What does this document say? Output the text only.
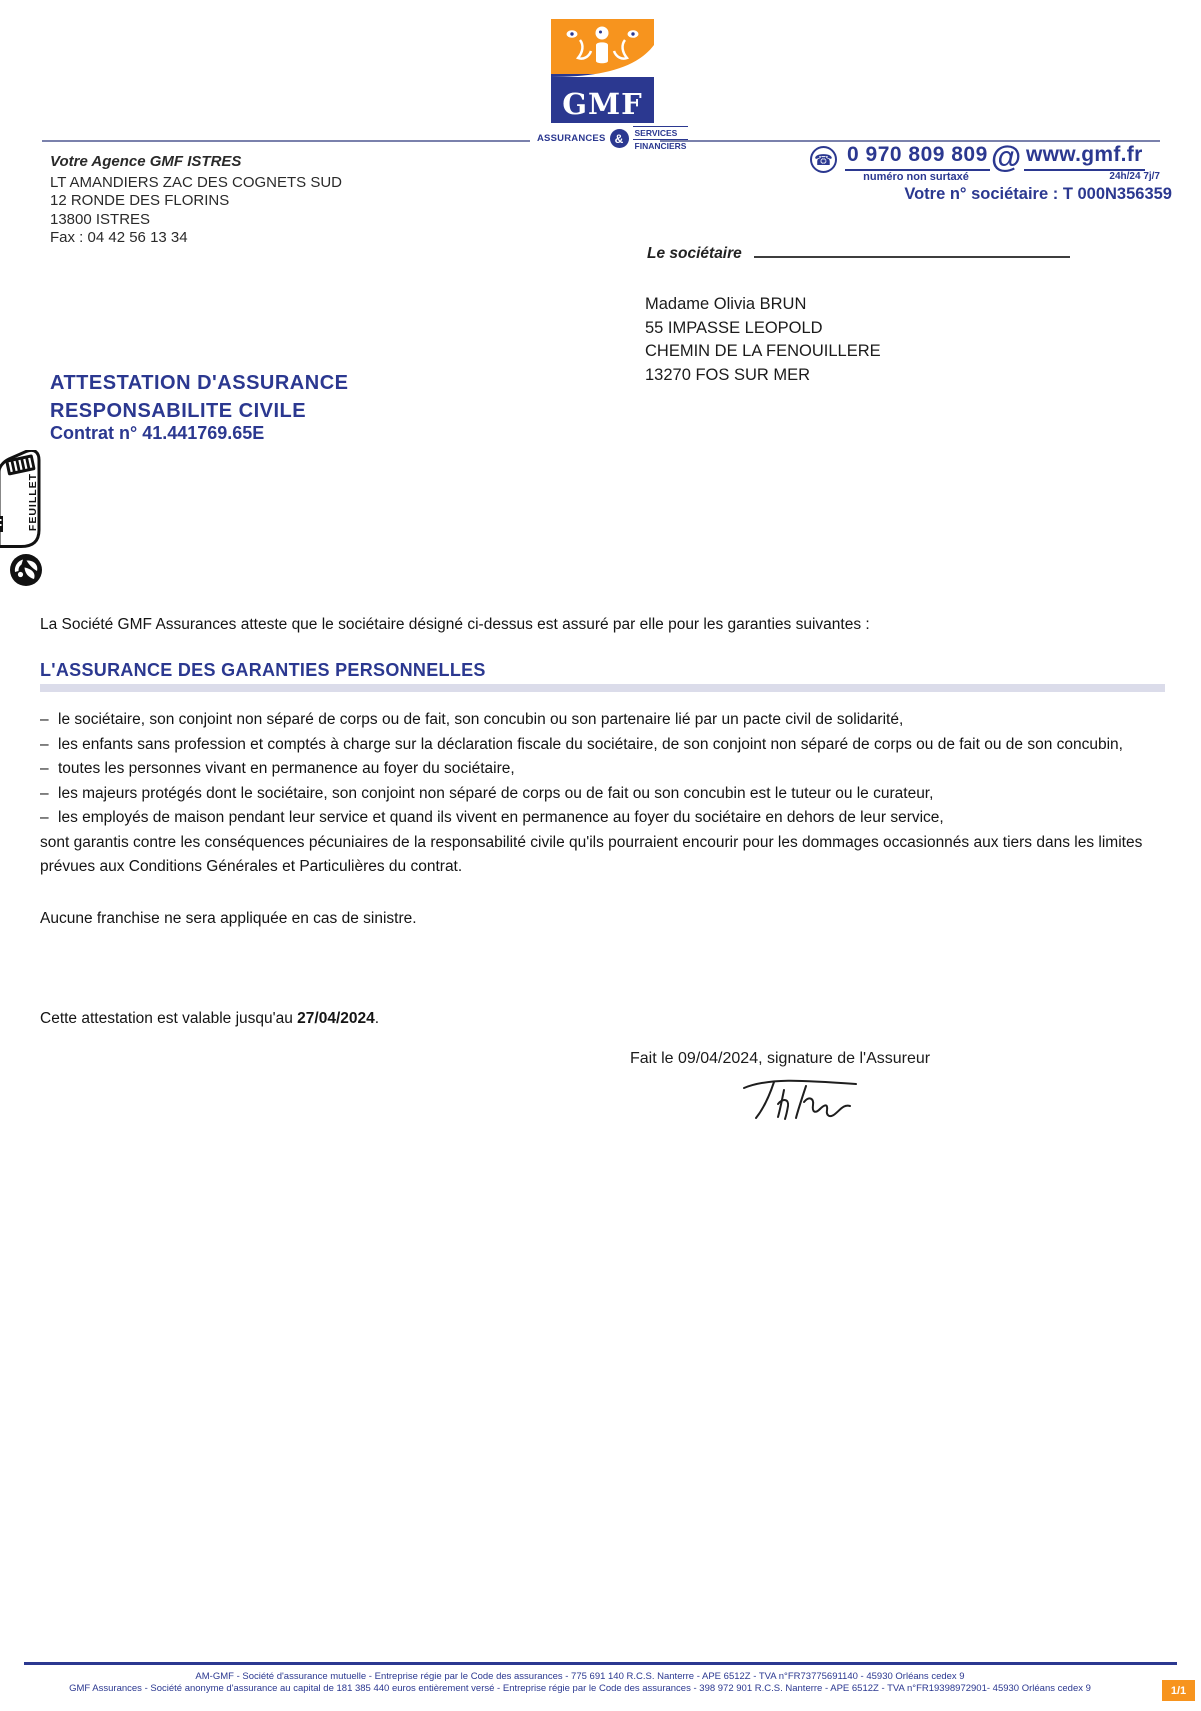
GMF
ASSURANCES &	SERVICES
FINANCIERS
Votre Agence GMF ISTRES
LT AMANDIERS ZAC DES COGNETS SUD
12 RONDE DES FLORINS
13800 ISTRES
Fax : 04 42 56 13 34
☎ 0 970 809 809
numéro non surtaxé
@ www.gmf.fr
24h/24 7j/7
Votre n° sociétaire : T 000N356359
Le sociétaire
Madame Olivia BRUN
55 IMPASSE LEOPOLD
CHEMIN DE LA FENOUILLERE
13270 FOS SUR MER
ATTESTATION D'ASSURANCE
RESPONSABILITE CIVILE
Contrat n° 41.441769.65E
FEUILLET
La Société GMF Assurances atteste que le sociétaire désigné ci-dessus est assuré par elle pour les garanties suivantes :
L'ASSURANCE DES GARANTIES PERSONNELLES
– le sociétaire, son conjoint non séparé de corps ou de fait, son concubin ou son partenaire lié par un pacte civil de solidarité,
– les enfants sans profession et comptés à charge sur la déclaration fiscale du sociétaire, de son conjoint non séparé de corps ou de fait ou de son concubin,
– toutes les personnes vivant en permanence au foyer du sociétaire,
– les majeurs protégés dont le sociétaire, son conjoint non séparé de corps ou de fait ou son concubin est le tuteur ou le curateur,
– les employés de maison pendant leur service et quand ils vivent en permanence au foyer du sociétaire en dehors de leur service,
sont garantis contre les conséquences pécuniaires de la responsabilité civile qu'ils pourraient encourir pour les dommages occasionnés aux tiers dans les limites prévues aux Conditions Générales et Particulières du contrat.
Aucune franchise ne sera appliquée en cas de sinistre.
Cette attestation est valable jusqu'au 27/04/2024.
Fait le 09/04/2024, signature de l'Assureur
AM-GMF - Société d'assurance mutuelle - Entreprise régie par le Code des assurances - 775 691 140 R.C.S. Nanterre - APE 6512Z - TVA n°FR73775691140 - 45930 Orléans cedex 9
GMF Assurances - Société anonyme d'assurance au capital de 181 385 440 euros entièrement versé - Entreprise régie par le Code des assurances - 398 972 901 R.C.S. Nanterre - APE 6512Z - TVA n°FR19398972901- 45930 Orléans cedex 9	1/1
